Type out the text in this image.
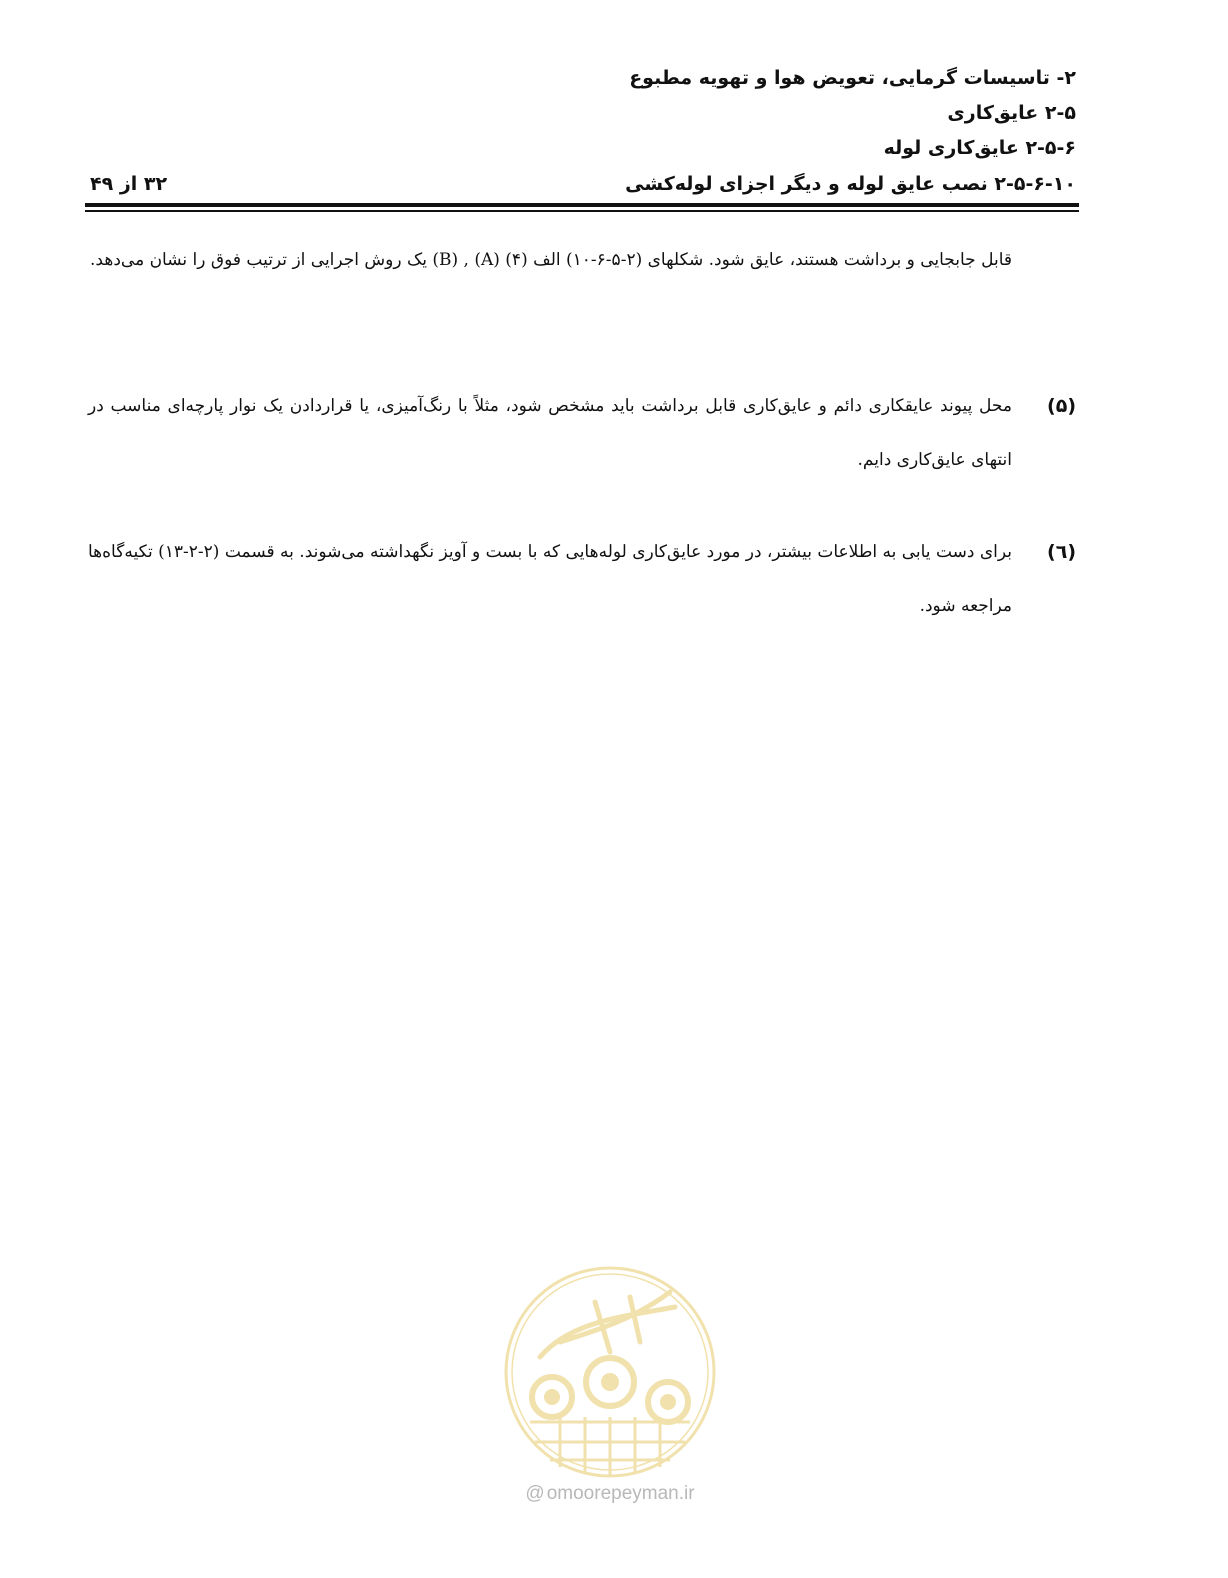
۲- تاسیسات گرمایی، تعویض هوا و تهویه مطبوع
۲-۵ عایق‌کاری
۲-۵-۶ عایق‌کاری لوله
۲-۵-۶-۱۰ نصب عایق لوله و دیگر اجزای لوله‌کشی
۳۲ از ۴۹
قابل جابجایی و برداشت هستند، عایق شود. شکلهای (۲-۵-۶-۱۰) الف (۴) (A) , (B) یک روش اجرایی از ترتیب فوق را نشان می‌دهد.
(۵)
محل پیوند عایقکاری دائم و عایق‌کاری قابل برداشت باید مشخص شود، مثلاً با رنگ‌آمیزی، یا قراردادن یک نوار پارچه‌ای مناسب در انتهای عایق‌کاری دایم.
(٦)
برای دست یابی به اطلاعات بیشتر، در مورد عایق‌کاری لوله‌هایی که با بست و آویز نگهداشته می‌شوند. به قسمت (۲-۲-۱۳) تکیه‌گاه‌ها مراجعه شود.
@ omoorepeyman.ir
